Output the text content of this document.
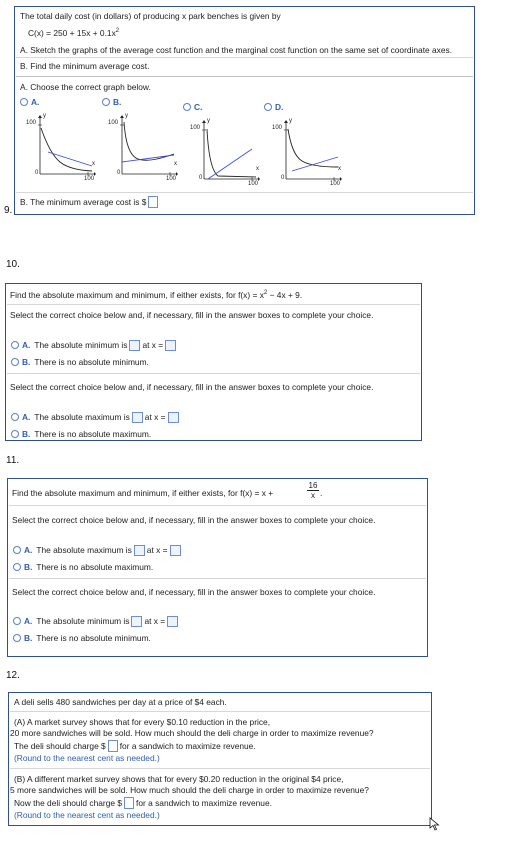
9.
The total daily cost (in dollars) of producing x park benches is given by
$C(x) = 250 + 15x + 0.1x^2$
A. Sketch the graphs of the average cost function and the marginal cost function on the same set of coordinate axes.
B. Find the minimum average cost.
A. Choose the correct graph below.
A.	B.	C.	D.
100
y
0
100
x
100
y
0
100
x
100
y
0
100
x
100
y
0
100
x
B. The minimum average cost is $
10.
Find the absolute maximum and minimum, if either exists, for $f(x) = x^2 - 4x + 9$.
Select the correct choice below and, if necessary, fill in the answer boxes to complete your choice.
A. The absolute minimum is at x =
B. There is no absolute minimum.
Select the correct choice below and, if necessary, fill in the answer boxes to complete your choice.
A. The absolute maximum is at x =
B. There is no absolute maximum.
11.
Find the absolute maximum and minimum, if either exists, for f(x) = x +	$\frac{16}{x}$ .
Select the correct choice below and, if necessary, fill in the answer boxes to complete your choice.
A. The absolute maximum is at x =
B. There is no absolute maximum.
Select the correct choice below and, if necessary, fill in the answer boxes to complete your choice.
A. The absolute minimum is at x =
B. There is no absolute minimum.
12.
A deli sells 480 sandwiches per day at a price of $4 each.
(A) A market survey shows that for every $0.10 reduction in the price,
20 more sandwiches will be sold. How much should the deli charge in order to maximize revenue?
The deli should charge $ for a sandwich to maximize revenue.
(Round to the nearest cent as needed.)
(B) A different market survey shows that for every $0.20 reduction in the original $4 price,
5 more sandwiches will be sold. How much should the deli charge in order to maximize revenue?
Now the deli should charge $ for a sandwich to maximize revenue.
(Round to the nearest cent as needed.)
